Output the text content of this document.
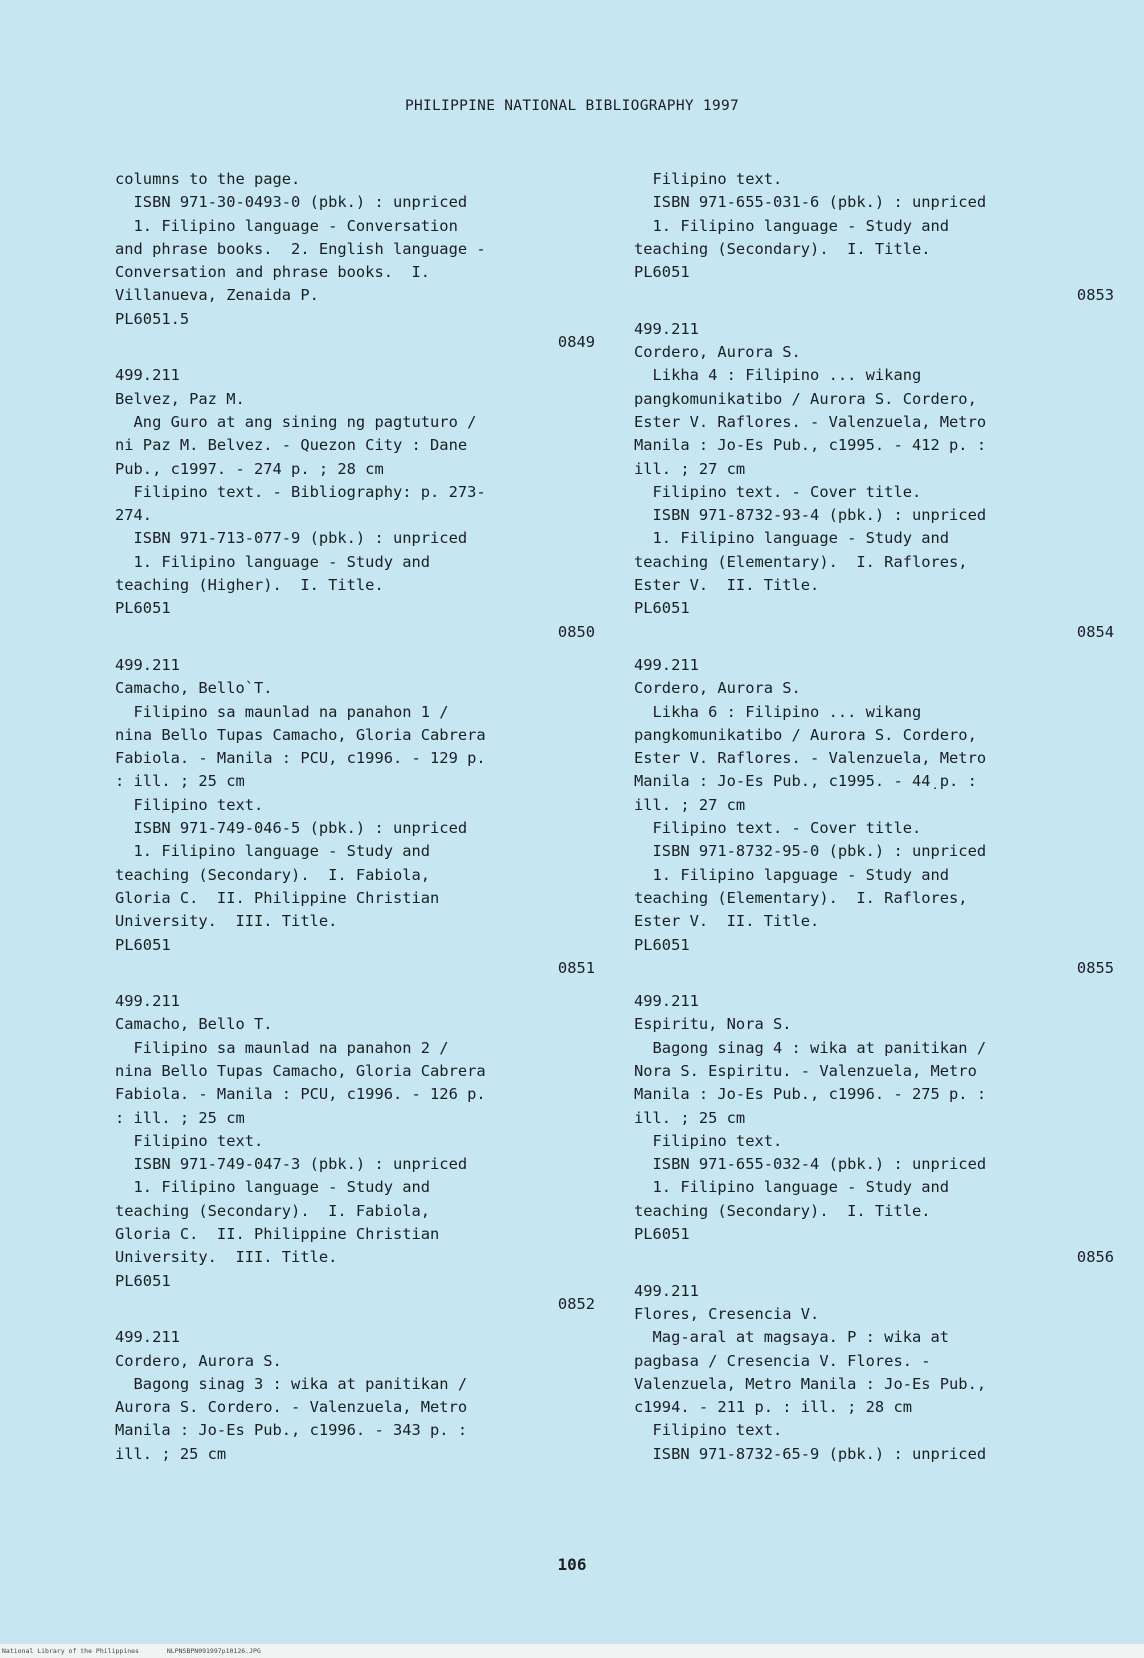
PHILIPPINE NATIONAL BIBLIOGRAPHY 1997
columns to the page.
ISBN 971-30-0493-0 (pbk.) : unpriced
1. Filipino language - Conversation
and phrase books.  2. English language -
Conversation and phrase books.  I.
Villanueva, Zenaida P.
PL6051.5
0849
499.211
Belvez, Paz M.
Ang Guro at ang sining ng pagtuturo /
ni Paz M. Belvez. - Quezon City : Dane
Pub., c1997. - 274 p. ; 28 cm
Filipino text. - Bibliography: p. 273-
274.
ISBN 971-713-077-9 (pbk.) : unpriced
1. Filipino language - Study and
teaching (Higher).  I. Title.
PL6051
0850
499.211
Camacho, Bello`T.
Filipino sa maunlad na panahon 1 /
nina Bello Tupas Camacho, Gloria Cabrera
Fabiola. - Manila : PCU, c1996. - 129 p.
: ill. ; 25 cm
Filipino text.
ISBN 971-749-046-5 (pbk.) : unpriced
1. Filipino language - Study and
teaching (Secondary).  I. Fabiola,
Gloria C.  II. Philippine Christian
University.  III. Title.
PL6051
0851
499.211
Camacho, Bello T.
Filipino sa maunlad na panahon 2 /
nina Bello Tupas Camacho, Gloria Cabrera
Fabiola. - Manila : PCU, c1996. - 126 p.
: ill. ; 25 cm
Filipino text.
ISBN 971-749-047-3 (pbk.) : unpriced
1. Filipino language - Study and
teaching (Secondary).  I. Fabiola,
Gloria C.  II. Philippine Christian
University.  III. Title.
PL6051
0852
499.211
Cordero, Aurora S.
Bagong sinag 3 : wika at panitikan /
Aurora S. Cordero. - Valenzuela, Metro
Manila : Jo-Es Pub., c1996. - 343 p. :
ill. ; 25 cm
Filipino text.
ISBN 971-655-031-6 (pbk.) : unpriced
1. Filipino language - Study and
teaching (Secondary).  I. Title.
PL6051
0853
499.211
Cordero, Aurora S.
Likha 4 : Filipino ... wikang
pangkomunikatibo / Aurora S. Cordero,
Ester V. Raflores. - Valenzuela, Metro
Manila : Jo-Es Pub., c1995. - 412 p. :
ill. ; 27 cm
Filipino text. - Cover title.
ISBN 971-8732-93-4 (pbk.) : unpriced
1. Filipino language - Study and
teaching (Elementary).  I. Raflores,
Ester V.  II. Title.
PL6051
0854
499.211
Cordero, Aurora S.
Likha 6 : Filipino ... wikang
pangkomunikatibo / Aurora S. Cordero,
Ester V. Raflores. - Valenzuela, Metro
Manila : Jo-Es Pub., c1995. - 44̣ p. :
ill. ; 27 cm
Filipino text. - Cover title.
ISBN 971-8732-95-0 (pbk.) : unpriced
1. Filipino lapguage - Study and
teaching (Elementary).  I. Raflores,
Ester V.  II. Title.
PL6051
0855
499.211
Espiritu, Nora S.
Bagong sinag 4 : wika at panitikan /
Nora S. Espiritu. - Valenzuela, Metro
Manila : Jo-Es Pub., c1996. - 275 p. :
ill. ; 25 cm
Filipino text.
ISBN 971-655-032-4 (pbk.) : unpriced
1. Filipino language - Study and
teaching (Secondary).  I. Title.
PL6051
0856
499.211
Flores, Cresencia V.
Mag-aral at magsaya. P : wika at
pagbasa / Cresencia V. Flores. -
Valenzuela, Metro Manila : Jo-Es Pub.,
c1994. - 211 p. : ill. ; 28 cm
Filipino text.
ISBN 971-8732-65-9 (pbk.) : unpriced
106
National Library of the Philippines	NLPNSBPN091997p10126.JPG
